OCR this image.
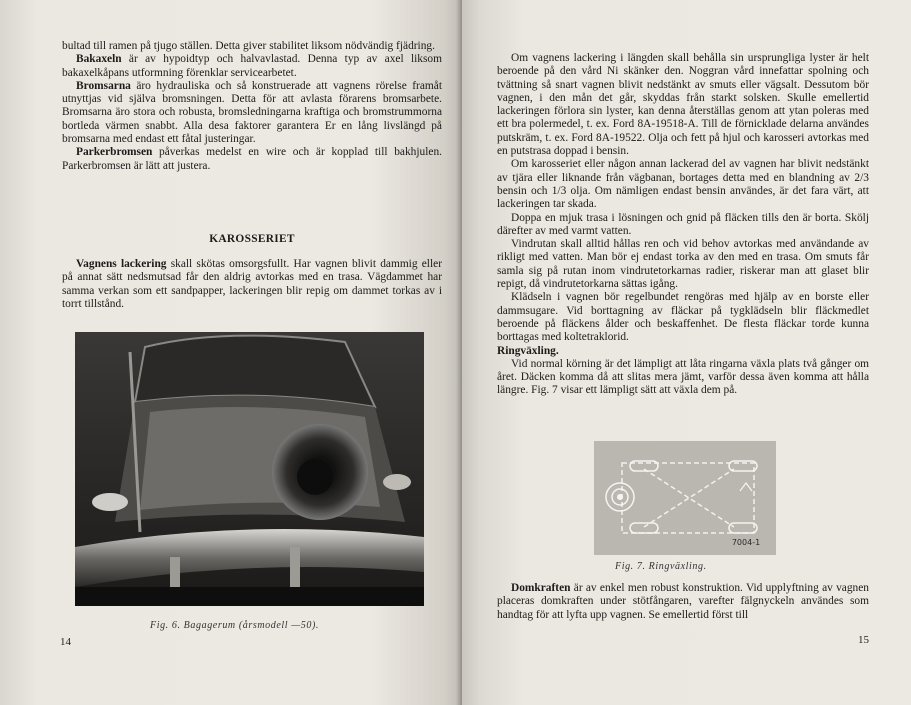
bultad till ramen på tjugo ställen. Detta giver stabilitet liksom nödvändig fjädring.

Bakaxeln är av hypoidtyp och halvavlastad. Denna typ av axel liksom bakaxelkåpans utformning förenklar servicearbetet.

Bromsarna äro hydrauliska och så konstruerade att vagnens rörelse framåt utnyttjas vid själva bromsningen. Detta för att avlasta förarens bromsarbete. Bromsarna äro stora och robusta, bromsledningarna kraftiga och bromstrummorna bortleda värmen snabbt. Alla desa faktorer garantera Er en lång livslängd på bromsarna med endast ett fåtal justeringar.

Parkerbromsen påverkas medelst en wire och är kopplad till bakhjulen. Parkerbromsen är lätt att justera.

KAROSSERIET

Vagnens lackering skall skötas omsorgsfullt. Har vagnen blivit dammig eller på annat sätt nedsmutsad får den aldrig avtorkas med en trasa. Vägdammet har samma verkan som ett sandpapper, lackeringen blir repig om dammet torkas av i torrt tillstånd.

Fig. 6. Bagagerum (årsmodell —50).
14

Om vagnens lackering i längden skall behålla sin ursprungliga lyster är helt beroende på den vård Ni skänker den. Noggran vård innefattar spolning och tvättning så snart vagnen blivit nedstänkt av smuts eller vägsalt. Dessutom bör vagnen, i den mån det går, skyddas från starkt solsken. Skulle emellertid lackeringen förlora sin lyster, kan denna återställas genom att ytan poleras med ett bra polermedel, t. ex. Ford 8A-19518-A. Till de förnicklade delarna användes putskräm, t. ex. Ford 8A-19522. Olja och fett på hjul och karosseri avtorkas med en putstrasa doppad i bensin.

Om karosseriet eller någon annan lackerad del av vagnen har blivit nedstänkt av tjära eller liknande från vägbanan, bortages detta med en blandning av 2/3 bensin och 1/3 olja. Om nämligen endast bensin användes, är det fara värt, att lackeringen tar skada.

Doppa en mjuk trasa i lösningen och gnid på fläcken tills den är borta. Skölj därefter av med varmt vatten.

Vindrutan skall alltid hållas ren och vid behov avtorkas med användande av rikligt med vatten. Man bör ej endast torka av den med en trasa. Om smuts får samla sig på rutan inom vindrutetorkarnas radier, riskerar man att glaset blir repigt, då vindrutetorkarna sättas igång.

Klädseln i vagnen bör regelbundet rengöras med hjälp av en borste eller dammsugare. Vid borttagning av fläckar på tygklädseln blir fläckmedlet beroende på fläckens ålder och beskaffenhet. De flesta fläckar torde kunna borttagas med koltetraklorid.

Ringväxling.

Vid normal körning är det lämpligt att låta ringarna växla plats två gånger om året. Däcken komma då att slitas mera jämt, varför dessa även komma att hålla längre. Fig. 7 visar ett lämpligt sätt att växla dem på.

7004-1
Fig. 7. Ringväxling.

Domkraften är av enkel men robust konstruktion. Vid upplyftning av vagnen placeras domkraften under stötfångaren, varefter fälgnyckeln användes som handtag för att lyfta upp vagnen. Se emellertid först till

15
